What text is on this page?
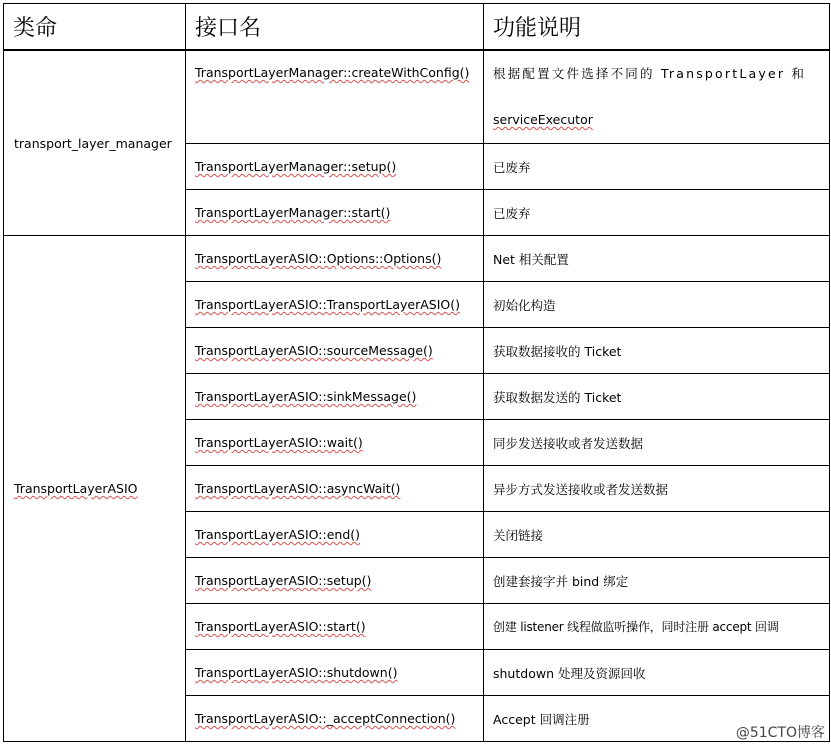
类命	接口名	功能说明
transport_layer_manager	TransportLayerManager::createWithConfig()	根据配置文件选择不同的 TransportLayer 和
serviceExecutor
	TransportLayerManager::setup()	已废弃
	TransportLayerManager::start()	已废弃
TransportLayerASIO	TransportLayerASIO::Options::Options()	Net 相关配置
	TransportLayerASIO::TransportLayerASIO()	初始化构造
	TransportLayerASIO::sourceMessage()	获取数据接收的 Ticket
	TransportLayerASIO::sinkMessage()	获取数据发送的 Ticket
	TransportLayerASIO::wait()	同步发送接收或者发送数据
	TransportLayerASIO::asyncWait()	异步方式发送接收或者发送数据
	TransportLayerASIO::end()	关闭链接
	TransportLayerASIO::setup()	创建套接字并 bind 绑定
	TransportLayerASIO::start()	创建 listener 线程做监听操作，同时注册 accept 回调
	TransportLayerASIO::shutdown()	shutdown 处理及资源回收
	TransportLayerASIO::_acceptConnection()	Accept 回调注册
@51CTO博客
